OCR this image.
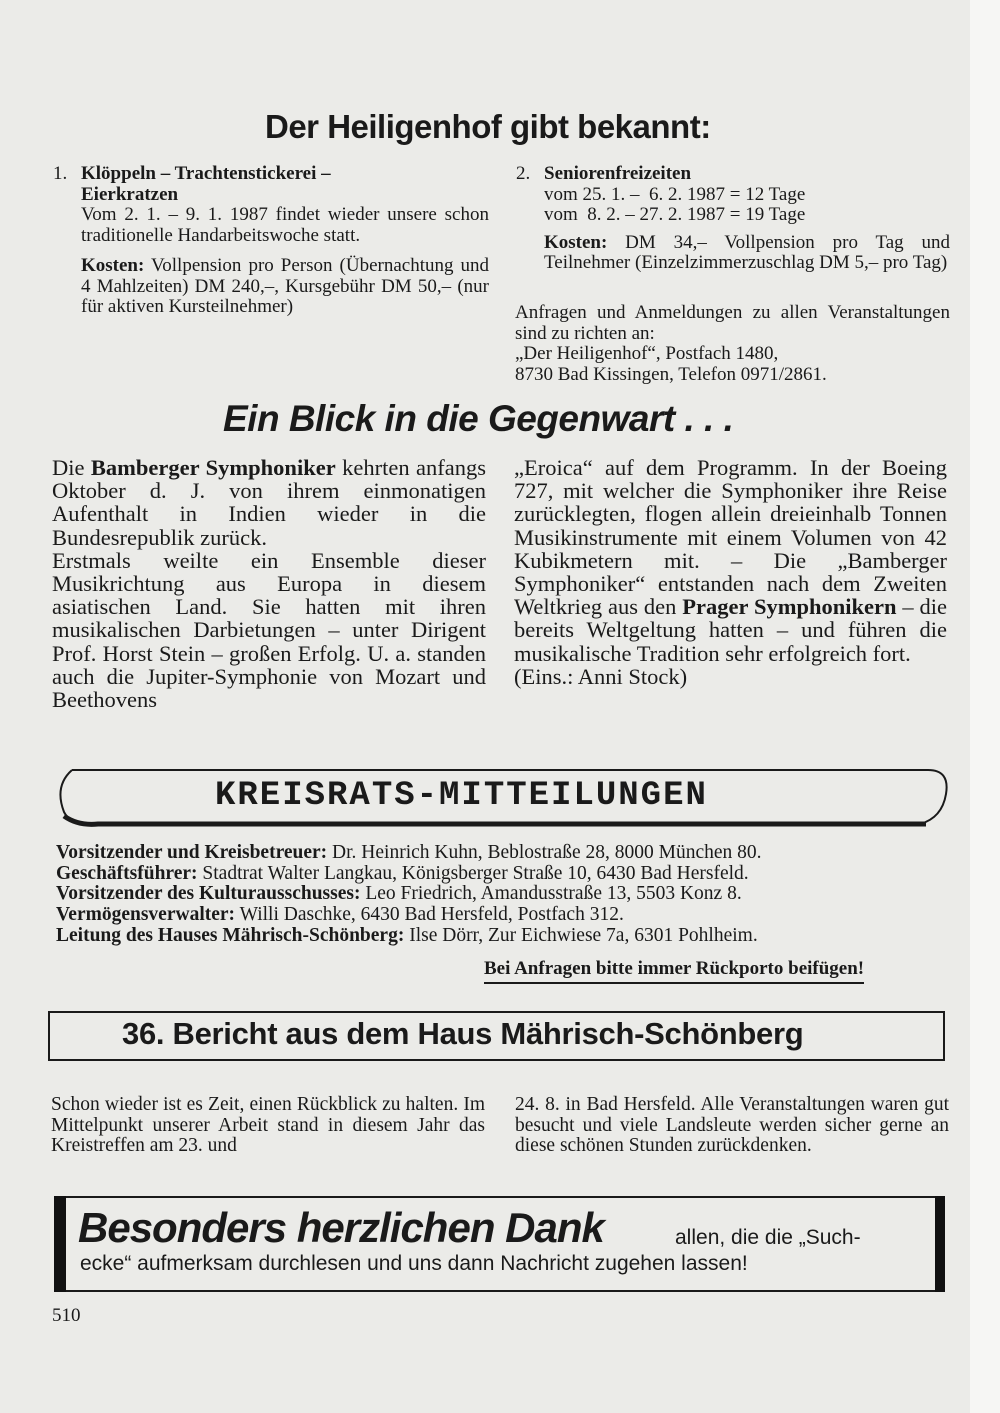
Der Heiligenhof gibt bekannt:
1. Klöppeln – Trachtenstickerei –

Eierkratzen

Vom 2. 1. – 9. 1. 1987 findet wieder unsere schon traditionelle Handarbeitswoche statt.

Kosten: Vollpension pro Person (Übernachtung und 4 Mahlzeiten) DM 240,–, Kursgebühr DM 50,– (nur für aktiven Kursteilnehmer)

2. Seniorenfreizeiten

vom 25. 1. –  6. 2. 1987 = 12 Tage

vom  8. 2. – 27. 2. 1987 = 19 Tage

Kosten: DM 34,– Vollpension pro Tag und Teilnehmer (Einzelzimmerzuschlag DM 5,– pro Tag)

Anfragen und Anmeldungen zu allen Veranstaltungen sind zu richten an:

„Der Heiligenhof“, Postfach 1480,

8730 Bad Kissingen, Telefon 0971/2861.

Ein Blick in die Gegenwart . . .

Die Bamberger Symphoniker kehrten anfangs Oktober d. J. von ihrem einmonatigen Aufenthalt in Indien wieder in die Bundesrepublik zurück.

Erstmals weilte ein Ensemble dieser Musikrichtung aus Europa in diesem asiatischen Land. Sie hatten mit ihren musikalischen Darbietungen – unter Dirigent Prof. Horst Stein – großen Erfolg. U. a. standen auch die Jupiter-Symphonie von Mozart und Beethovens

„Eroica“ auf dem Programm. In der Boeing 727, mit welcher die Symphoniker ihre Reise zurücklegten, flogen allein dreieinhalb Tonnen Musikinstrumente mit einem Volumen von 42 Kubikmetern mit. – Die „Bamberger Symphoniker“ entstanden nach dem Zweiten Weltkrieg aus den Prager Symphonikern – die bereits Weltgeltung hatten – und führen die musikalische Tradition sehr erfolgreich fort.

(Eins.: Anni Stock)

KREISRATS-MITTEILUNGEN
Vorsitzender und Kreisbetreuer: Dr. Heinrich Kuhn, Beblostraße 28, 8000 München 80.
Geschäftsführer: Stadtrat Walter Langkau, Königsberger Straße 10, 6430 Bad Hersfeld.
Vorsitzender des Kulturausschusses: Leo Friedrich, Amandusstraße 13, 5503 Konz 8.
Vermögensverwalter: Willi Daschke, 6430 Bad Hersfeld, Postfach 312.
Leitung des Hauses Mährisch-Schönberg: Ilse Dörr, Zur Eichwiese 7a, 6301 Pohlheim.
Bei Anfragen bitte immer Rückporto beifügen!
36. Bericht aus dem Haus Mährisch-Schönberg

Schon wieder ist es Zeit, einen Rückblick zu halten. Im Mittelpunkt unserer Arbeit stand in diesem Jahr das Kreistreffen am 23. und

24. 8. in Bad Hersfeld. Alle Veranstaltungen waren gut besucht und viele Landsleute werden sicher gerne an diese schönen Stunden zurückdenken.

Besonders herzlichen Dank	allen, die die „Such-
ecke“ aufmerksam durchlesen und uns dann Nachricht zugehen lassen!
510
